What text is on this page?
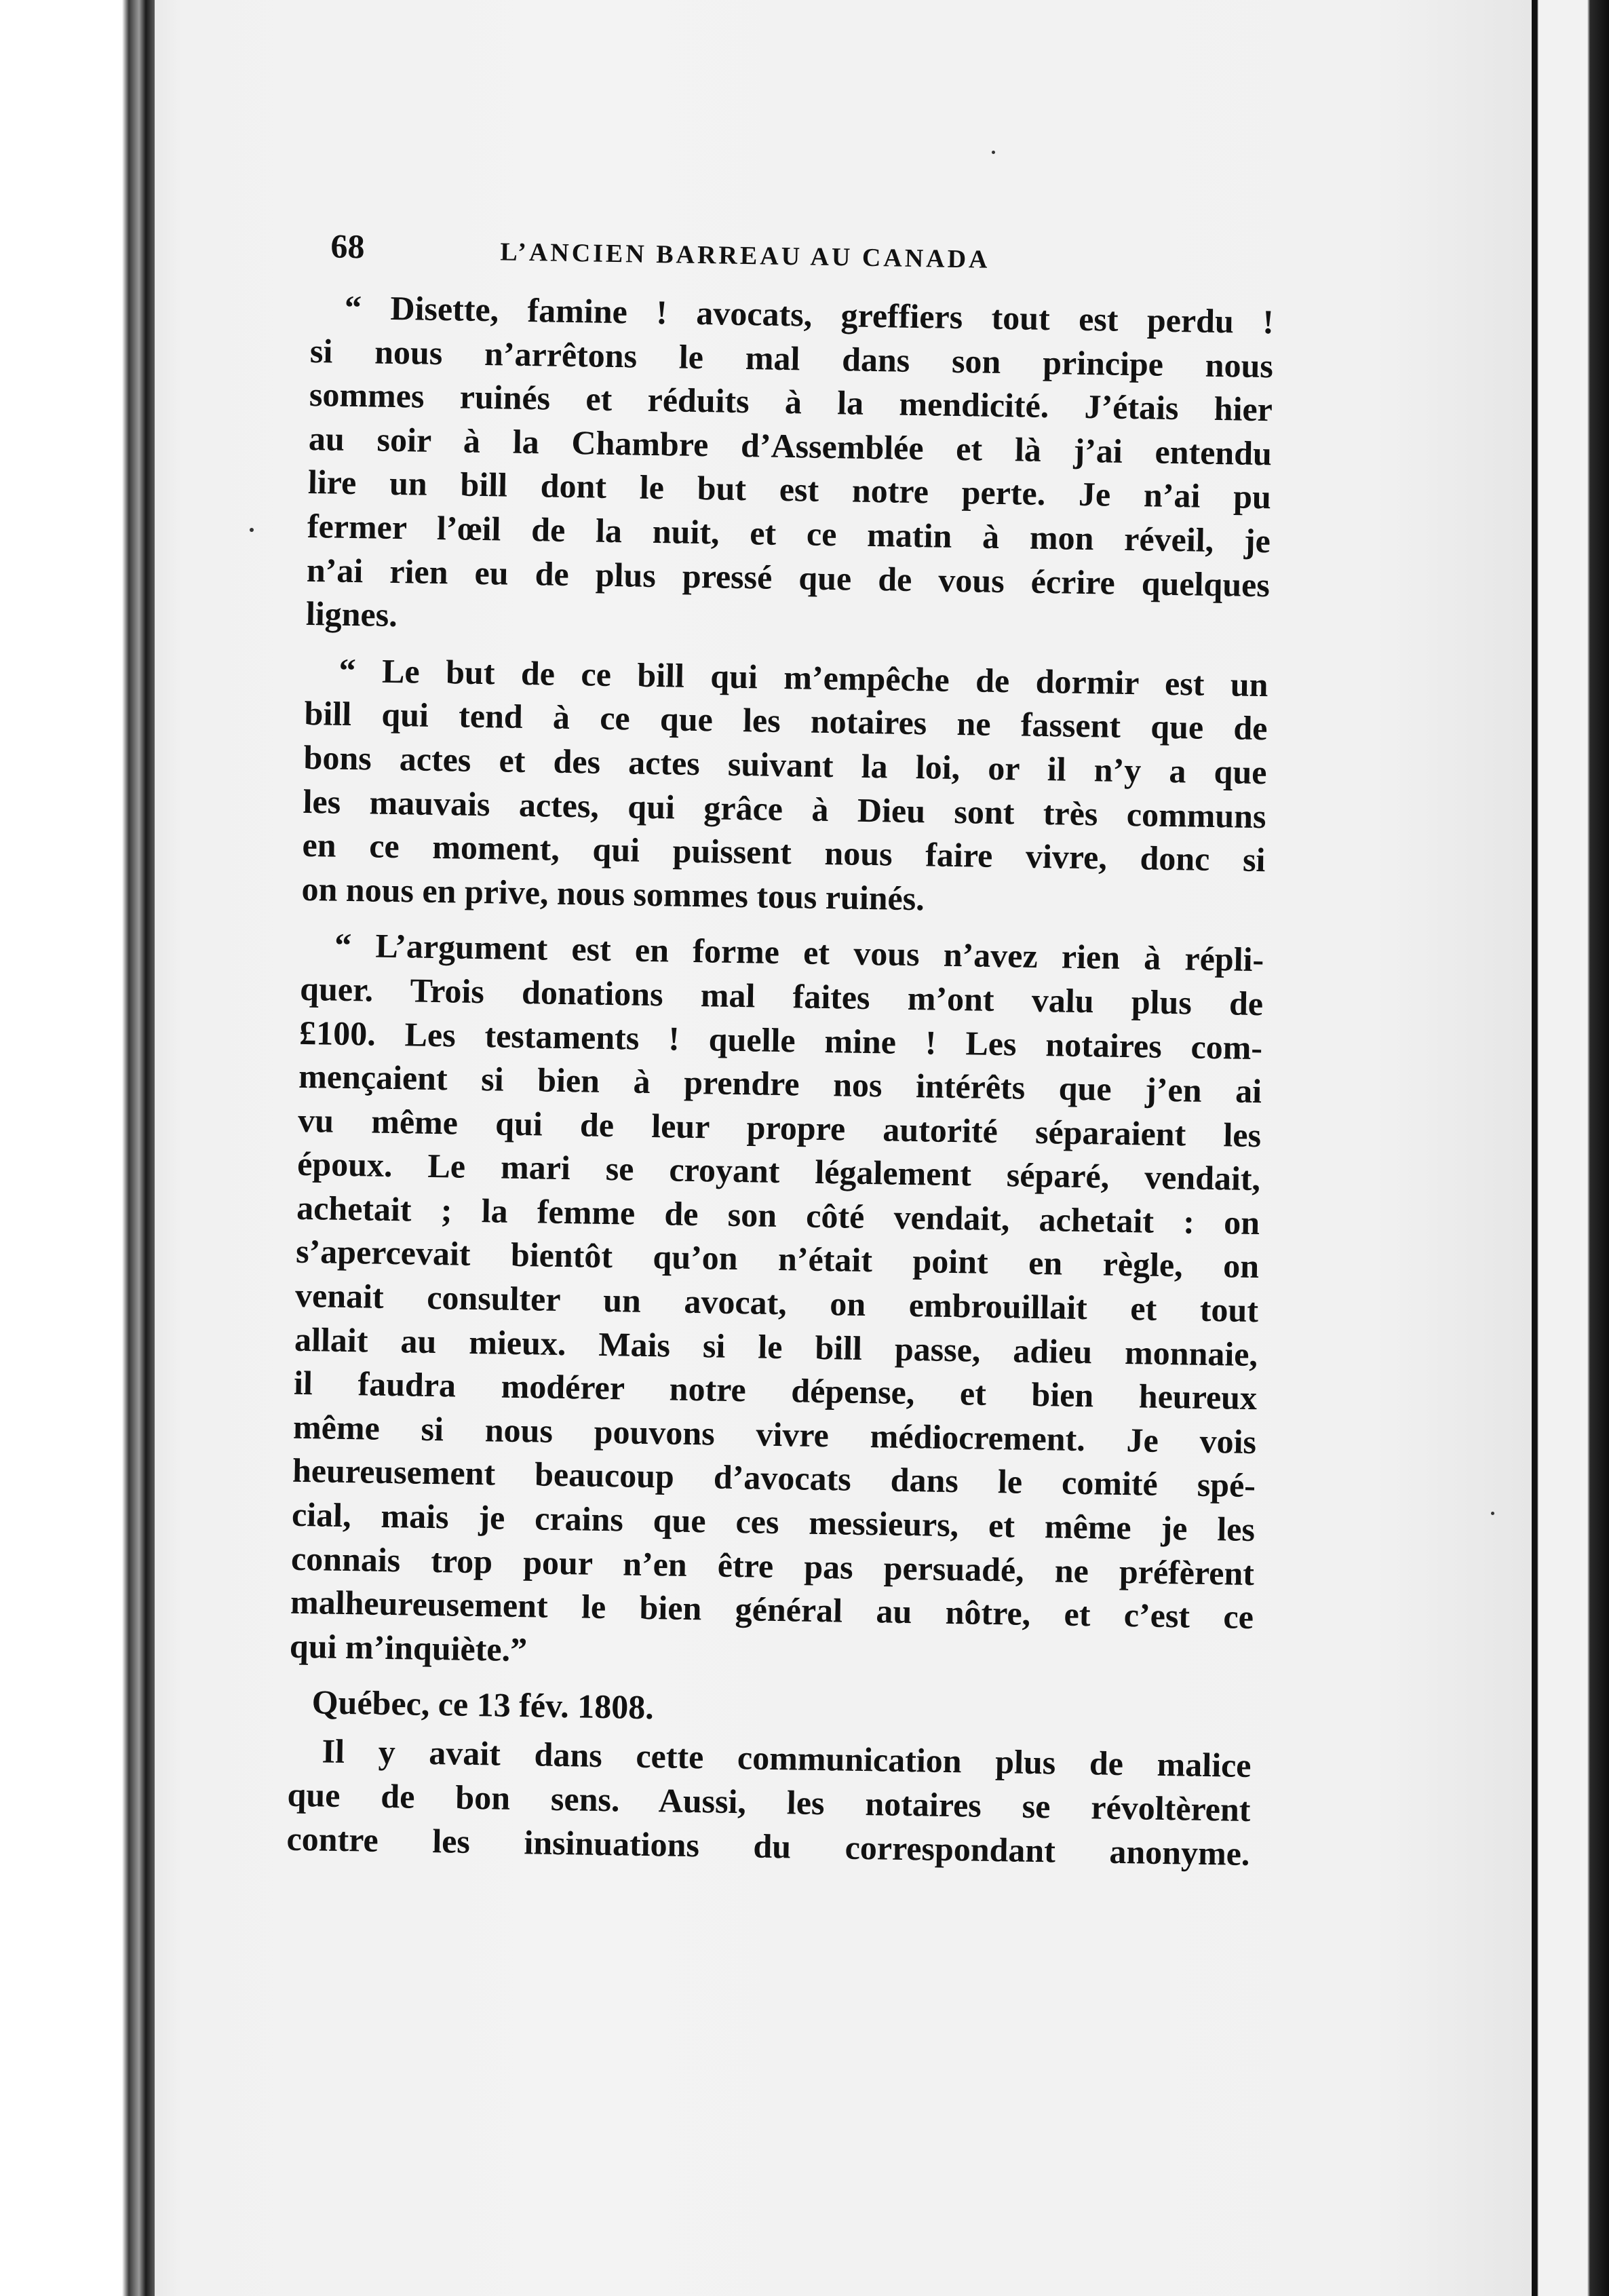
68	L’ANCIEN BARREAU AU CANADA

“ Disette, famine ! avocats, greffiers tout est perdu !
si nous n’arrêtons le mal dans son principe nous
sommes ruinés et réduits à la mendicité. J’étais hier
au soir à la Chambre d’Assemblée et là j’ai entendu
lire un bill dont le but est notre perte. Je n’ai pu
fermer l’œil de la nuit, et ce matin à mon réveil, je
n’ai rien eu de plus pressé que de vous écrire quelques
lignes.

“ Le but de ce bill qui m’empêche de dormir est un
bill qui tend à ce que les notaires ne fassent que de
bons actes et des actes suivant la loi, or il n’y a que
les mauvais actes, qui grâce à Dieu sont très communs
en ce moment, qui puissent nous faire vivre, donc si
on nous en prive, nous sommes tous ruinés.

“ L’argument est en forme et vous n’avez rien à répli-
quer. Trois donations mal faites m’ont valu plus de
£100. Les testaments ! quelle mine ! Les notaires com-
mençaient si bien à prendre nos intérêts que j’en ai
vu même qui de leur propre autorité séparaient les
époux. Le mari se croyant légalement séparé, vendait,
achetait ; la femme de son côté vendait, achetait : on
s’apercevait bientôt qu’on n’était point en règle, on
venait consulter un avocat, on embrouillait et tout
allait au mieux. Mais si le bill passe, adieu monnaie,
il faudra modérer notre dépense, et bien heureux
même si nous pouvons vivre médiocrement. Je vois
heureusement beaucoup d’avocats dans le comité spé-
cial, mais je crains que ces messieurs, et même je les
connais trop pour n’en être pas persuadé, ne préfèrent
malheureusement le bien général au nôtre, et c’est ce
qui m’inquiète.”

Québec, ce 13 fév. 1808.

Il y avait dans cette communication plus de malice
que de bon sens. Aussi, les notaires se révoltèrent
contre les insinuations du correspondant anonyme.
